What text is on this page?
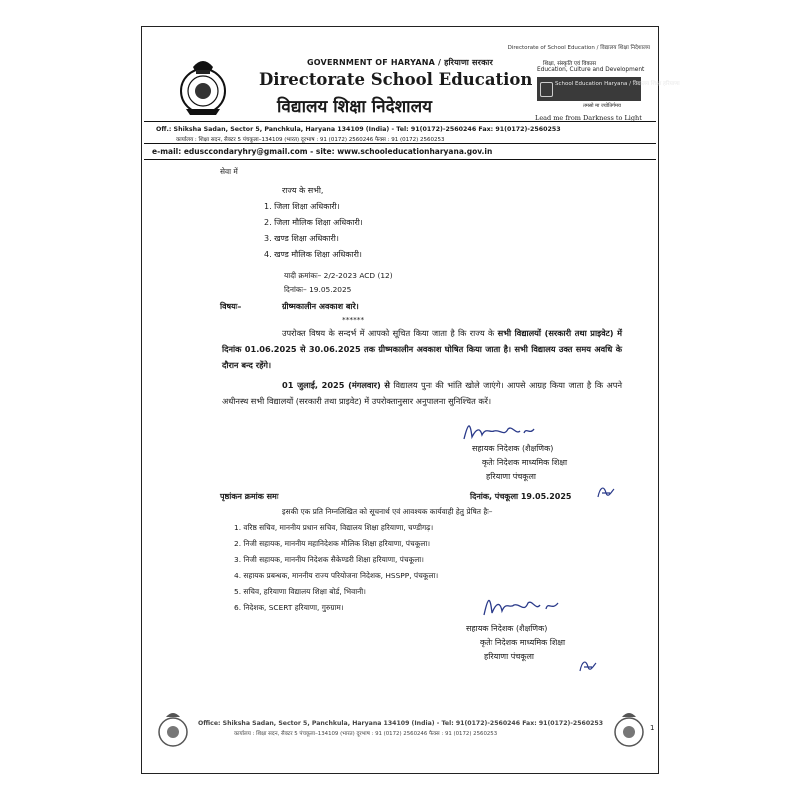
Directorate of School Education / विद्यालय शिक्षा निदेशालय
GOVERNMENT OF HARYANA / हरियाणा सरकार
Directorate School Education
विद्यालय शिक्षा निदेशालय
शिक्षा, संस्कृति एवं विकास
Education, Culture and Development
School Education Haryana / विद्यालय शिक्षा हरियाणा
तमसो मा ज्योतिर्गमय
Lead me from Darkness to Light
Off.: Shiksha Sadan, Sector 5, Panchkula, Haryana 134109 (India) - Tel: 91(0172)-2560246 Fax: 91(0172)-2560253
कार्यालय : शिक्षा सदन, सैक्टर 5 पंचकूला–134109 (भारत) दूरभाष : 91 (0172) 2560246 फैक्स : 91 (0172) 2560253
e-mail: edusccondaryhry@gmail.com - site: www.schooleducationharyana.gov.in
सेवा में
राज्य के सभी,
1. जिला शिक्षा अधिकारी।
2. जिला मौलिक शिक्षा अधिकारी।
3. खण्ड शिक्षा अधिकारी।
4. खण्ड मौलिक शिक्षा अधिकारी।
यादी क्रमांकः– 2/2-2023 ACD (12)
दिनांकः– 19.05.2025
विषयः–	ग्रीष्मकालीन अवकाश बारे।
******
उपरोक्त विषय के सन्दर्भ में आपको सूचित किया जाता है कि राज्य के सभी विद्यालयों (सरकारी तथा प्राइवेट) में दिनांक 01.06.2025 से 30.06.2025 तक ग्रीष्मकालीन अवकाश घोषित किया जाता है। सभी विद्यालय उक्त समय अवधि के दौरान बन्द रहेंगे।
01 जुलाई, 2025 (मंगलवार) से विद्यालय पुनः की भांति खोले जाएंगे। आपसे आग्रह किया जाता है कि अपने अधीनस्थ सभी विद्यालयों (सरकारी तथा प्राइवेट) में उपरोक्तानुसार अनुपालना सुनिश्चित करें।
सहायक निदेशक (शैक्षणिक)
कृतेः निदेशक माध्यमिक शिक्षा
हरियाणा पंचकूला
पृष्ठांकन क्रमांक समः	दिनांक, पंचकूला 19.05.2025
इसकी एक प्रति निम्नलिखित को सूचनार्थ एवं आवश्यक कार्यवाही हेतु प्रेषित हैः–
1. वरिष्ठ सचिव, माननीय प्रधान सचिव, विद्यालय शिक्षा हरियाणा, चण्डीगढ़।
2. निजी सहायक, माननीय महानिदेशक मौलिक शिक्षा हरियाणा, पंचकूला।
3. निजी सहायक, माननीय निदेशक सैकेण्डरी शिक्षा हरियाणा, पंचकूला।
4. सहायक प्रबन्धक, माननीय राज्य परियोजना निदेशक, HSSPP, पंचकूला।
5. सचिव, हरियाणा विद्यालय शिक्षा बोर्ड, भिवानी।
6. निदेशक, SCERT हरियाणा, गुरुग्राम।
सहायक निदेशक (शैक्षणिक)
कृतेः निदेशक माध्यमिक शिक्षा
हरियाणा पंचकूला
Office: Shiksha Sadan, Sector 5, Panchkula, Haryana 134109 (India) - Tel: 91(0172)-2560246 Fax: 91(0172)-2560253
कार्यालय : शिक्षा सदन, सैक्टर 5 पंचकूला–134109 (भारत) दूरभाष : 91 (0172) 2560246 फैक्स : 91 (0172) 2560253
1
